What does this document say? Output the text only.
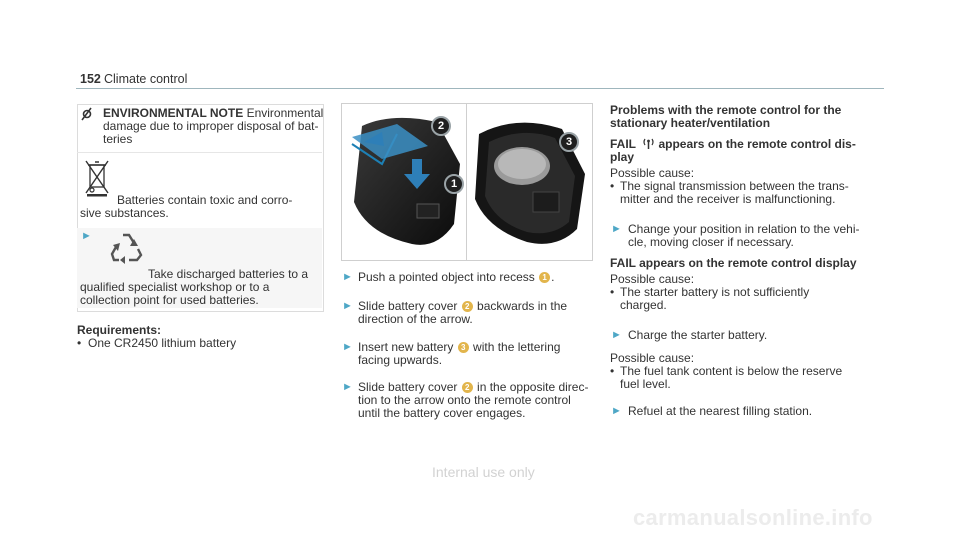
152 Climate control
ENVIRONMENTAL NOTE Environmental
damage due to improper disposal of bat-
teries
Batteries contain toxic and corro-
sive substances.
►
Take discharged batteries to a
qualified specialist workshop or to a
collection point for used batteries.
Requirements:
• One CR2450 lithium battery
2
1
3
► Push a pointed object into recess 1 .
► Slide battery cover 2 backwards in the
direction of the arrow.
► Insert new battery 3 with the lettering
facing upwards.
► Slide battery cover 2 in the opposite direc-
tion to the arrow onto the remote control
until the battery cover engages.
Problems with the remote control for the
stationary heater/ventilation
FAIL  appears on the remote control dis-
play
Possible cause:
• The signal transmission between the trans-
mitter and the receiver is malfunctioning.
► Change your position in relation to the vehi-
cle, moving closer if necessary.
FAIL appears on the remote control display
Possible cause:
• The starter battery is not sufficiently
charged.
► Charge the starter battery.
Possible cause:
• The fuel tank content is below the reserve
fuel level.
► Refuel at the nearest filling station.
Internal use only
carmanualsonline.info
